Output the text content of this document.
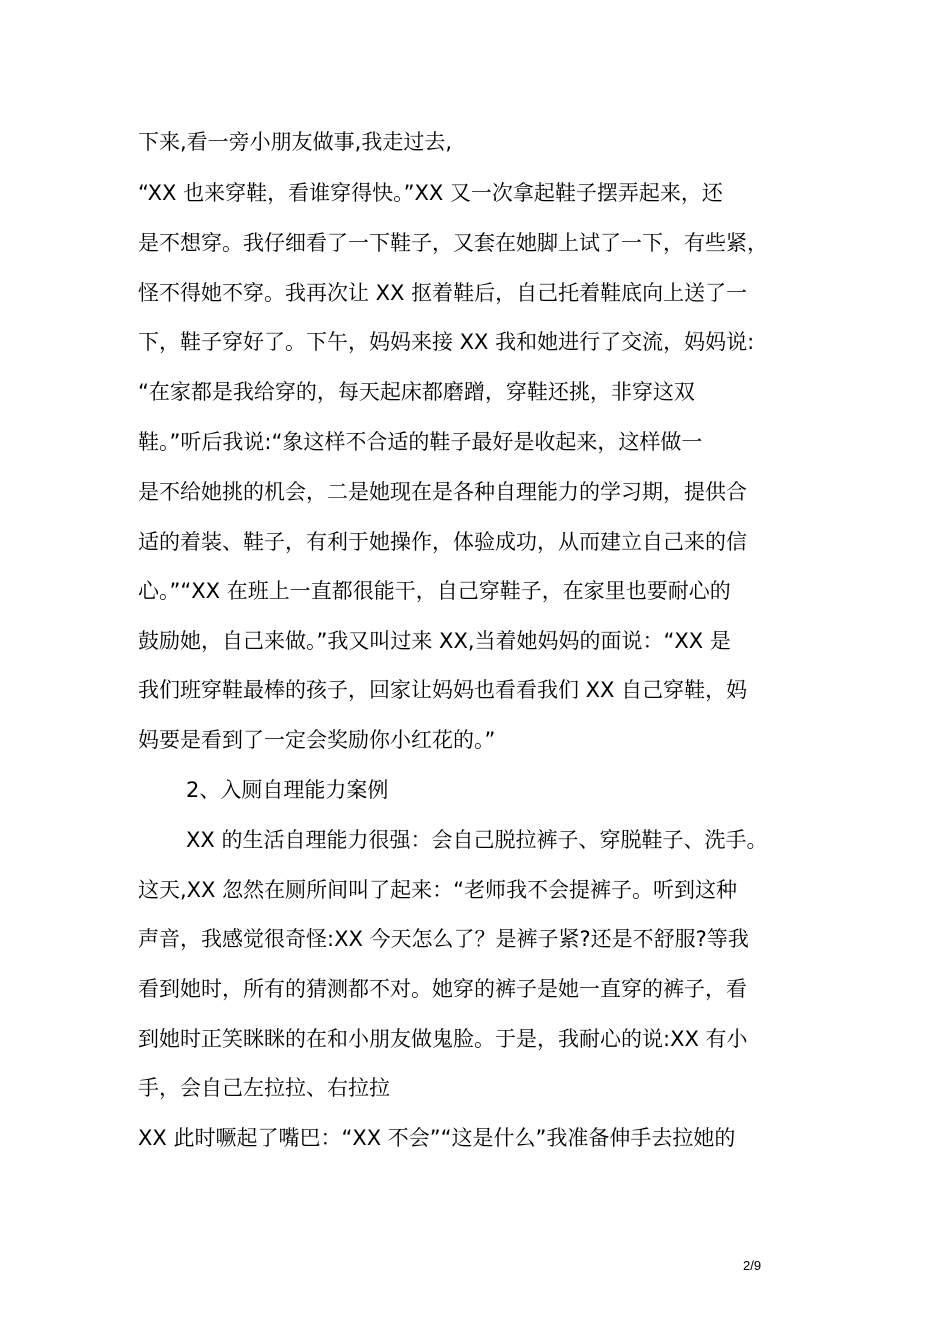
下来,看一旁小朋友做事,我走过去,
“XX 也来穿鞋，看谁穿得快。”XX 又一次拿起鞋子摆弄起来，还
是不想穿。我仔细看了一下鞋子，又套在她脚上试了一下，有些紧，
怪不得她不穿。我再次让 XX 抠着鞋后，自己托着鞋底向上送了一
下，鞋子穿好了。下午，妈妈来接 XX 我和她进行了交流，妈妈说:
“在家都是我给穿的，每天起床都磨蹭，穿鞋还挑，非穿这双
鞋。”听后我说:“象这样不合适的鞋子最好是收起来，这样做一
是不给她挑的机会，二是她现在是各种自理能力的学习期，提供合
适的着装、鞋子，有利于她操作，体验成功，从而建立自己来的信
心。”“XX 在班上一直都很能干，自己穿鞋子，在家里也要耐心的
鼓励她，自己来做。”我又叫过来 XX,当着她妈妈的面说：“XX 是
我们班穿鞋最棒的孩子，回家让妈妈也看看我们 XX 自己穿鞋，妈
妈要是看到了一定会奖励你小红花的。”
2、入厕自理能力案例
XX 的生活自理能力很强：会自己脱拉裤子、穿脱鞋子、洗手。
这天,XX 忽然在厕所间叫了起来：“老师我不会提裤子。听到这种
声音，我感觉很奇怪:XX 今天怎么了？是裤子紧?还是不舒服?等我
看到她时，所有的猜测都不对。她穿的裤子是她一直穿的裤子，看
到她时正笑眯眯的在和小朋友做鬼脸。于是，我耐心的说:XX 有小
手，会自己左拉拉、右拉拉
XX 此时噘起了嘴巴：“XX 不会”“这是什么”我准备伸手去拉她的
2/9
